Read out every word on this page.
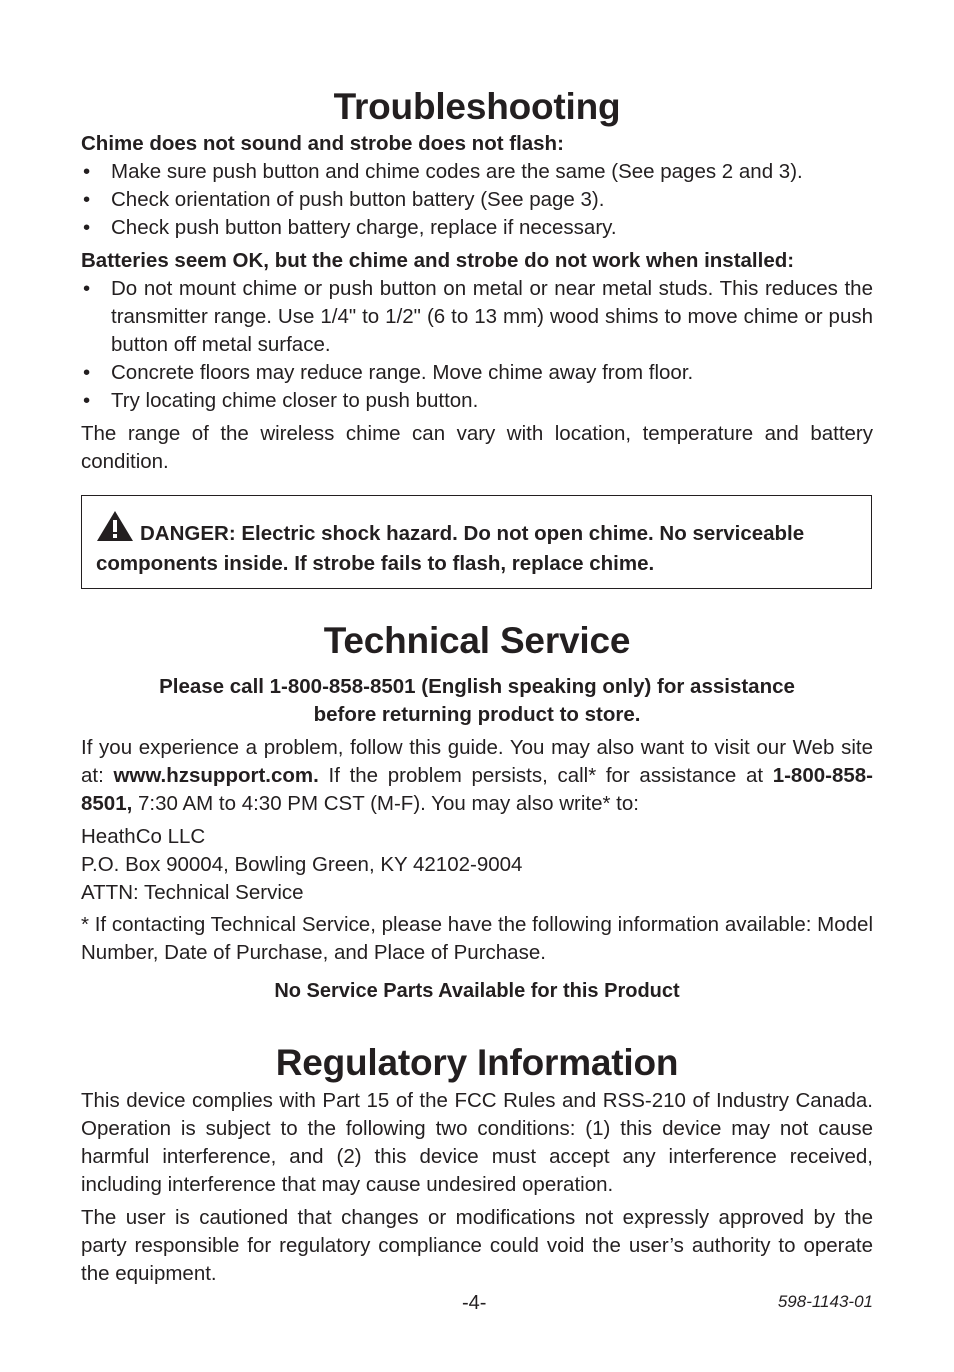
Troubleshooting

Chime does not sound and strobe does not flash:

• Make sure push button and chime codes are the same (See pages 2 and 3).
• Check orientation of push button battery (See page 3).
• Check push button battery charge, replace if necessary.

Batteries seem OK, but the chime and strobe do not work when installed:

• Do not mount chime or push button on metal or near metal studs. This reduces the transmitter range. Use 1/4" to 1/2" (6 to 13 mm) wood shims to move chime or push button off metal surface.
• Concrete floors may reduce range. Move chime away from floor.
• Try locating chime closer to push button.

The range of the wireless chime can vary with location, temperature and battery condition.

DANGER: Electric shock hazard. Do not open chime. No serviceable components inside. If strobe fails to flash, replace chime.
Technical Service

Please call 1-800-858-8501 (English speaking only) for assistance

before returning product to store.

If you experience a problem, follow this guide. You may also want to visit our Web site at: www.hzsupport.com. If the problem persists, call* for assistance at 1-800-858-8501, 7:30 AM to 4:30 PM CST (M-F). You may also write* to:

HeathCo LLC

P.O. Box 90004, Bowling Green, KY 42102-9004

ATTN: Technical Service

* If contacting Technical Service, please have the following information available: Model Number, Date of Purchase, and Place of Purchase.

No Service Parts Available for this Product

Regulatory Information

This device complies with Part 15 of the FCC Rules and RSS-210 of Industry Canada. Operation is subject to the following two conditions: (1) this device may not cause harmful interference, and (2) this device must accept any interference received, including interference that may cause undesired operation.

The user is cautioned that changes or modifications not expressly approved by the party responsible for regulatory compliance could void the user’s authority to operate the equipment.

-4-	598-1143-01
